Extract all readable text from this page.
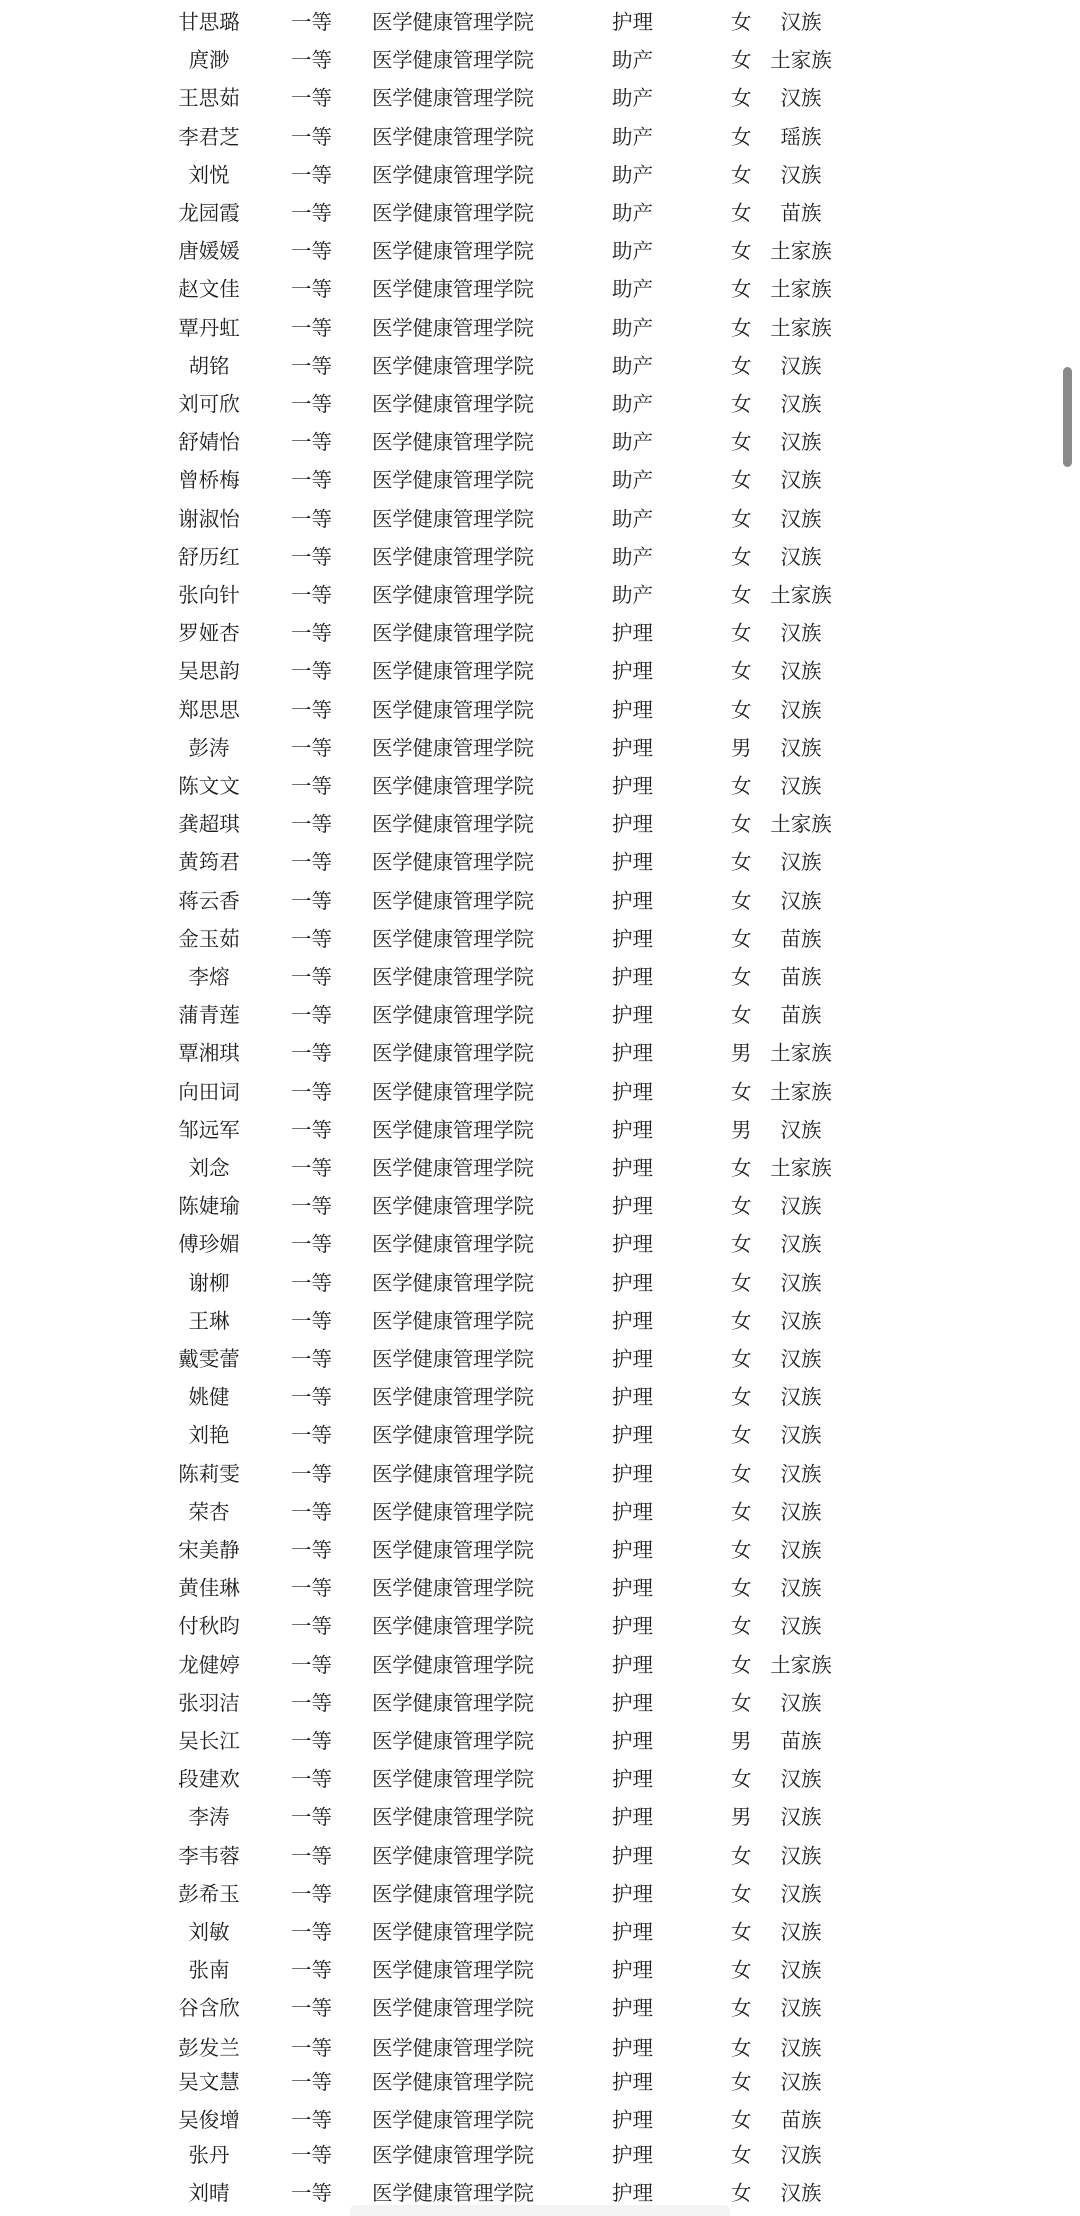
甘思璐	一等 医学健康管理学院	护理	女	汉族
庹渺	一等 医学健康管理学院	助产	女 土家族
王思茹	一等 医学健康管理学院	助产	女	汉族
李君芝	一等 医学健康管理学院	助产	女	瑶族
刘悦	一等 医学健康管理学院	助产	女	汉族
龙园霞	一等 医学健康管理学院	助产	女	苗族
唐媛媛	一等 医学健康管理学院	助产	女 土家族
赵文佳	一等 医学健康管理学院	助产	女 土家族
覃丹虹	一等 医学健康管理学院	助产	女 土家族
胡铭	一等 医学健康管理学院	助产	女	汉族
刘可欣	一等 医学健康管理学院	助产	女	汉族
舒婧怡	一等 医学健康管理学院	助产	女	汉族
曾桥梅	一等 医学健康管理学院	助产	女	汉族
谢淑怡	一等 医学健康管理学院	助产	女	汉族
舒历红	一等 医学健康管理学院	助产	女	汉族
张向针	一等 医学健康管理学院	助产	女 土家族
罗娅杏	一等 医学健康管理学院	护理	女	汉族
吴思韵	一等 医学健康管理学院	护理	女	汉族
郑思思	一等 医学健康管理学院	护理	女	汉族
彭涛	一等 医学健康管理学院	护理	男	汉族
陈文文	一等 医学健康管理学院	护理	女	汉族
龚超琪	一等 医学健康管理学院	护理	女 土家族
黄筠君	一等 医学健康管理学院	护理	女	汉族
蒋云香	一等 医学健康管理学院	护理	女	汉族
金玉茹	一等 医学健康管理学院	护理	女	苗族
李熔	一等 医学健康管理学院	护理	女	苗族
蒲青莲	一等 医学健康管理学院	护理	女	苗族
覃湘琪	一等 医学健康管理学院	护理	男 土家族
向田词	一等 医学健康管理学院	护理	女 土家族
邹远军	一等 医学健康管理学院	护理	男	汉族
刘念	一等 医学健康管理学院	护理	女 土家族
陈婕瑜	一等 医学健康管理学院	护理	女	汉族
傅珍媚	一等 医学健康管理学院	护理	女	汉族
谢柳	一等 医学健康管理学院	护理	女	汉族
王琳	一等 医学健康管理学院	护理	女	汉族
戴雯蕾	一等 医学健康管理学院	护理	女	汉族
姚健	一等 医学健康管理学院	护理	女	汉族
刘艳	一等 医学健康管理学院	护理	女	汉族
陈莉雯	一等 医学健康管理学院	护理	女	汉族
荣杏	一等 医学健康管理学院	护理	女	汉族
宋美静	一等 医学健康管理学院	护理	女	汉族
黄佳琳	一等 医学健康管理学院	护理	女	汉族
付秋昀	一等 医学健康管理学院	护理	女	汉族
龙健婷	一等 医学健康管理学院	护理	女 土家族
张羽洁	一等 医学健康管理学院	护理	女	汉族
吴长江	一等 医学健康管理学院	护理	男	苗族
段建欢	一等 医学健康管理学院	护理	女	汉族
李涛	一等 医学健康管理学院	护理	男	汉族
李韦蓉	一等 医学健康管理学院	护理	女	汉族
彭希玉	一等 医学健康管理学院	护理	女	汉族
刘敏	一等 医学健康管理学院	护理	女	汉族
张南	一等 医学健康管理学院	护理	女	汉族
谷含欣	一等 医学健康管理学院	护理	女	汉族
彭发兰	一等 医学健康管理学院	护理	女	汉族
吴文慧	一等 医学健康管理学院	护理	女	汉族
吴俊增	一等 医学健康管理学院	护理	女	苗族
张丹	一等 医学健康管理学院	护理	女	汉族
刘晴	一等 医学健康管理学院	护理	女	汉族
